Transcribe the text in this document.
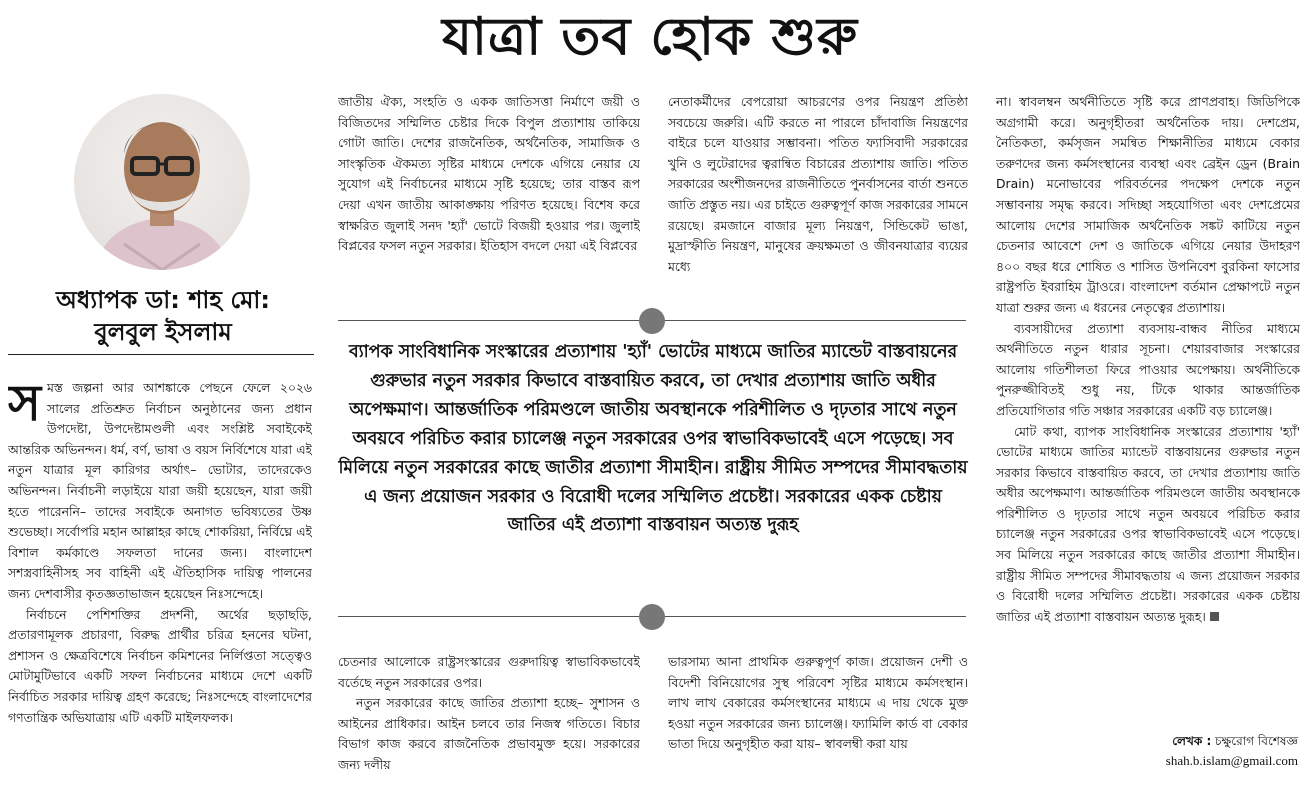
যাত্রা তব হোক শুরু
অধ্যাপক ডা: শাহ মো:
বুলবুল ইসলাম

স মস্ত জল্পনা আর আশঙ্কাকে পেছনে ফেলে ২০২৬ সালের প্রতিশ্রুত নির্বাচন অনুষ্ঠানের জন্য প্রধান উপদেষ্টা, উপদেষ্টামণ্ডলী এবং সংশ্লিষ্ট সবাইকেই আন্তরিক অভিনন্দন। ধর্ম, বর্ণ, ভাষা ও বয়স নির্বিশেষে যারা এই নতুন যাত্রার মূল কারিগর অর্থাৎ– ভোটার, তাদেরকেও অভিনন্দন। নির্বাচনী লড়াইয়ে যারা জয়ী হয়েছেন, যারা জয়ী হতে পারেননি– তাদের সবাইকে অনাগত ভবিষ্যতের উষ্ণ শুভেচ্ছা। সর্বোপরি মহান আল্লাহর কাছে শোকরিয়া, নির্বিঘ্নে এই বিশাল কর্মকাণ্ডে সফলতা দানের জন্য। বাংলাদেশ সশস্ত্রবাহিনীসহ সব বাহিনী এই ঐতিহাসিক দায়িত্ব পালনের জন্য দেশবাসীর কৃতজ্ঞতাভাজন হয়েছেন নিঃসন্দেহে।

নির্বাচনে পেশিশক্তির প্রদর্শনী, অর্থের ছড়াছড়ি, প্রতারণামূলক প্রচারণা, বিরুদ্ধ প্রার্থীর চরিত্র হননের ঘটনা, প্রশাসন ও ক্ষেত্রবিশেষে নির্বাচন কমিশনের নির্লিপ্ততা সত্ত্বেও মোটামুটিভাবে একটি সফল নির্বাচনের মাধ্যমে দেশে একটি নির্বাচিত সরকার দায়িত্ব গ্রহণ করেছে; নিঃসন্দেহে বাংলাদেশের গণতান্ত্রিক অভিযাত্রায় এটি একটি মাইলফলক।

জাতীয় ঐক্য, সংহতি ও একক জাতিসত্তা নির্মাণে জয়ী ও বিজিতদের সম্মিলিত চেষ্টার দিকে বিপুল প্রত্যাশায় তাকিয়ে গোটা জাতি। দেশের রাজনৈতিক, অর্থনৈতিক, সামাজিক ও সাংস্কৃতিক ঐকমত্য সৃষ্টির মাধ্যমে দেশকে এগিয়ে নেয়ার যে সুযোগ এই নির্বাচনের মাধ্যমে সৃষ্টি হয়েছে; তার বাস্তব রূপ দেয়া এখন জাতীয় আকাঙ্ক্ষায় পরিণত হয়েছে। বিশেষ করে স্বাক্ষরিত জুলাই সনদ 'হ্যাঁ' ভোটে বিজয়ী হওয়ার পর। জুলাই বিপ্লবের ফসল নতুন সরকার। ইতিহাস বদলে দেয়া এই বিপ্লবের

নেতাকর্মীদের বেপরোয়া আচরণের ওপর নিয়ন্ত্রণ প্রতিষ্ঠা সবচেয়ে জরুরি। এটি করতে না পারলে চাঁদাবাজি নিয়ন্ত্রণের বাইরে চলে যাওয়ার সম্ভাবনা। পতিত ফ্যাসিবাদী সরকারের খুনি ও লুটেরাদের ত্বরান্বিত বিচারের প্রত্যাশায় জাতি। পতিত সরকারের অংশীজনদের রাজনীতিতে পুনর্বাসনের বার্তা শুনতে জাতি প্রস্তুত নয়। এর চাইতে গুরুত্বপূর্ণ কাজ সরকারের সামনে রয়েছে। রমজানে বাজার মূল্য নিয়ন্ত্রণ, সিন্ডিকেট ভাঙা, মুদ্রাস্ফীতি নিয়ন্ত্রণ, মানুষের ক্রয়ক্ষমতা ও জীবনযাত্রার ব্যয়ের মধ্যে

ব্যাপক সাংবিধানিক সংস্কারের প্রত্যাশায় 'হ্যাঁ' ভোটের মাধ্যমে জাতির ম্যান্ডেট বাস্তবায়নের গুরুভার নতুন সরকার কিভাবে বাস্তবায়িত করবে, তা দেখার প্রত্যাশায় জাতি অধীর অপেক্ষমাণ। আন্তর্জাতিক পরিমণ্ডলে জাতীয় অবস্থানকে পরিশীলিত ও দৃঢ়তার সাথে নতুন অবয়বে পরিচিত করার চ্যালেঞ্জ নতুন সরকারের ওপর স্বাভাবিকভাবেই এসে পড়েছে। সব মিলিয়ে নতুন সরকারের কাছে জাতীর প্রত্যাশা সীমাহীন। রাষ্ট্রীয় সীমিত সম্পদের সীমাবদ্ধতায় এ জন্য প্রয়োজন সরকার ও বিরোধী দলের সম্মিলিত প্রচেষ্টা। সরকারের একক চেষ্টায় জাতির এই প্রত্যাশা বাস্তবায়ন অত্যন্ত দুরূহ

চেতনার আলোকে রাষ্ট্রসংস্কারের গুরুদায়িত্ব স্বাভাবিকভাবেই বর্তেছে নতুন সরকারের ওপর।

নতুন সরকারের কাছে জাতির প্রত্যাশা হচ্ছে– সুশাসন ও আইনের প্রাধিকার। আইন চলবে তার নিজস্ব গতিতে। বিচার বিভাগ কাজ করবে রাজনৈতিক প্রভাবমুক্ত হয়ে। সরকারের জন্য দলীয়

ভারসাম্য আনা প্রাথমিক গুরুত্বপূর্ণ কাজ। প্রয়োজন দেশী ও বিদেশী বিনিয়োগের সুস্থ পরিবেশ সৃষ্টির মাধ্যমে কর্মসংস্থান। লাখ লাখ বেকারের কর্মসংস্থানের মাধ্যমে এ দায় থেকে মুক্ত হওয়া নতুন সরকারের জন্য চ্যালেঞ্জ। ফ্যামিলি কার্ড বা বেকার ভাতা দিয়ে অনুগৃহীত করা যায়– স্বাবলম্বী করা যায়

না। স্বাবলম্বন অর্থনীতিতে সৃষ্টি করে প্রাণপ্রবাহ। জিডিপিকে অগ্রগামী করে। অনুগৃহীতরা অর্থনৈতিক দায়। দেশপ্রেম, নৈতিকতা, কর্মসৃজন সমন্বিত শিক্ষানীতির মাধ্যমে বেকার তরুণদের জন্য কর্মসংস্থানের ব্যবস্থা এবং ব্রেইন ড্রেন (Brain Drain) মনোভাবের পরিবর্তনের পদক্ষেপ দেশকে নতুন সম্ভাবনায় সমৃদ্ধ করবে। সদিচ্ছা সহযোগিতা এবং দেশপ্রেমের আলোয় দেশের সামাজিক অর্থনৈতিক সঙ্কট কাটিয়ে নতুন চেতনার আবেশে দেশ ও জাতিকে এগিয়ে নেয়ার উদাহরণ ৪০০ বছর ধরে শোষিত ও শাসিত উপনিবেশ বুরকিনা ফাসোর রাষ্ট্রপতি ইবরাহিম ট্রাওরে। বাংলাদেশ বর্তমান প্রেক্ষাপটে নতুন যাত্রা শুরুর জন্য এ ধরনের নেতৃত্বের প্রত্যাশায়।

ব্যবসায়ীদের প্রত্যাশা ব্যবসায়-বান্ধব নীতির মাধ্যমে অর্থনীতিতে নতুন ধারার সূচনা। শেয়ারবাজার সংস্কারের আলোয় গতিশীলতা ফিরে পাওয়ার অপেক্ষায়। অর্থনীতিকে পুনরুজ্জীবিতই শুধু নয়, টিকে থাকার আন্তর্জাতিক প্রতিযোগিতার গতি সঞ্চার সরকারের একটি বড় চ্যালেঞ্জ।

মোট কথা, ব্যাপক সাংবিধানিক সংস্কারের প্রত্যাশায় 'হ্যাঁ' ভোটের মাধ্যমে জাতির ম্যান্ডেট বাস্তবায়নের গুরুভার নতুন সরকার কিভাবে বাস্তবায়িত করবে, তা দেখার প্রত্যাশায় জাতি অধীর অপেক্ষমাণ। আন্তর্জাতিক পরিমণ্ডলে জাতীয় অবস্থানকে পরিশীলিত ও দৃঢ়তার সাথে নতুন অবয়বে পরিচিত করার চ্যালেঞ্জ নতুন সরকারের ওপর স্বাভাবিকভাবেই এসে পড়েছে। সব মিলিয়ে নতুন সরকারের কাছে জাতীর প্রত্যাশা সীমাহীন। রাষ্ট্রীয় সীমিত সম্পদের সীমাবদ্ধতায় এ জন্য প্রয়োজন সরকার ও বিরোধী দলের সম্মিলিত প্রচেষ্টা। সরকারের একক চেষ্টায় জাতির এই প্রত্যাশা বাস্তবায়ন অত্যন্ত দুরূহ।

লেখক : চক্ষুরোগ বিশেষজ্ঞ
shah.b.islam@gmail.com
